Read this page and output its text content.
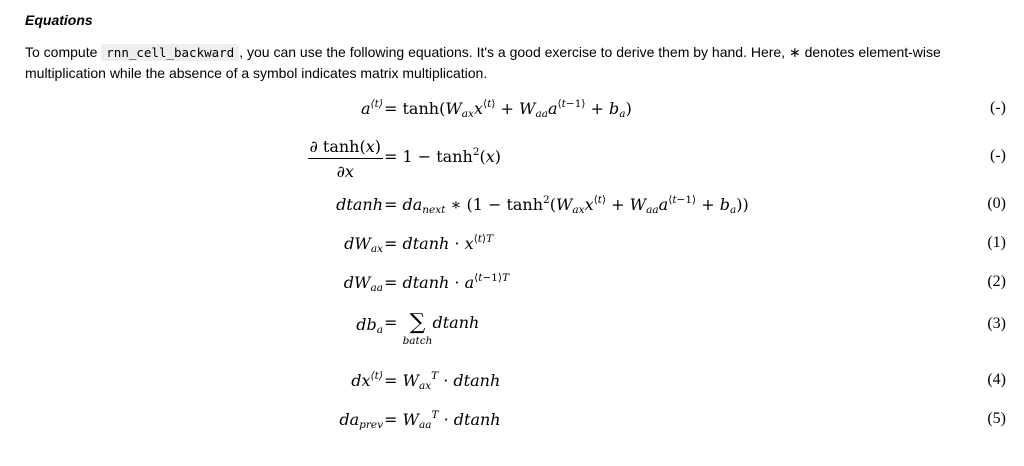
Equations

To compute rnn_cell_backward , you can use the following equations. It's a good exercise to derive them by hand. Here, ∗ denotes element-wise multiplication while the absence of a symbol indicates matrix multiplication.

$a^{⟨t⟩} = \tanh(W_{ax}x^{⟨t⟩} + W_{aa}a^{⟨t-1⟩} + b_a)$	(-)
$\frac{\partial \tanh(x)}{\partial x} = 1 - \tanh^2(x)$	(-)
$dtanh = da_{next}$ ∗ $(1 - \tanh^2(W_{ax}x^{⟨t⟩} + W_{aa}a^{⟨t-1⟩} + b_a))$	(0)
$dW_{ax} = dtanh \cdot x^{⟨t⟩T}$	(1)
$dW_{aa} = dtanh \cdot a^{⟨t-1⟩T}$	(2)
$db_a$ = ∑
batch
dtanh	(3)
$dx^{⟨t⟩} = W_{ax}^T \cdot dtanh$	(4)
$da_{prev} = W_{aa}^T \cdot dtanh$	(5)
